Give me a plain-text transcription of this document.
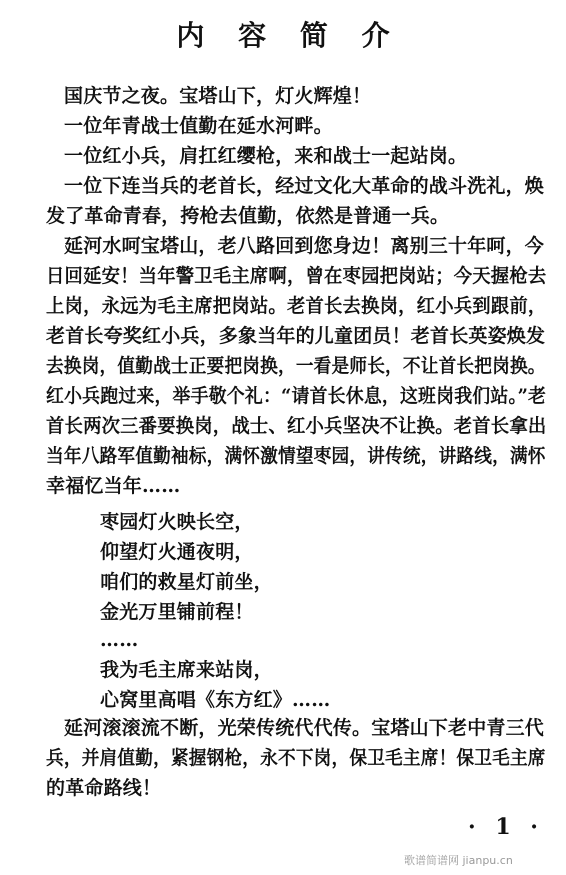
内 容 简 介
国庆节之夜。宝塔山下，灯火辉煌！
一位年青战士值勤在延水河畔。
一位红小兵，肩扛红缨枪，来和战士一起站岗。
一位下连当兵的老首长，经过文化大革命的战斗洗礼，焕
发了革命青春，挎枪去值勤，依然是普通一兵。
延河水呵宝塔山，老八路回到您身边！离别三十年呵，今
日回延安！当年警卫毛主席啊，曾在枣园把岗站；今天握枪去
上岗，永远为毛主席把岗站。老首长去换岗，红小兵到跟前，
老首长夸奖红小兵，多象当年的儿童团员！老首长英姿焕发
去换岗，值勤战士正要把岗换，一看是师长，不让首长把岗换。
红小兵跑过来，举手敬个礼：“请首长休息，这班岗我们站。”老
首长两次三番要换岗，战士、红小兵坚决不让换。老首长拿出
当年八路军值勤袖标，满怀激情望枣园，讲传统，讲路线，满怀
幸福忆当年……
枣园灯火映长空，
仰望灯火通夜明，
咱们的救星灯前坐，
金光万里铺前程！
……
我为毛主席来站岗，
心窝里高唱《东方红》……
延河滚滚流不断，光荣传统代代传。宝塔山下老中青三代
兵，并肩值勤，紧握钢枪，永不下岗，保卫毛主席！保卫毛主席
的革命路线！
· 1 ·
歌谱简谱网 jianpu.cn
